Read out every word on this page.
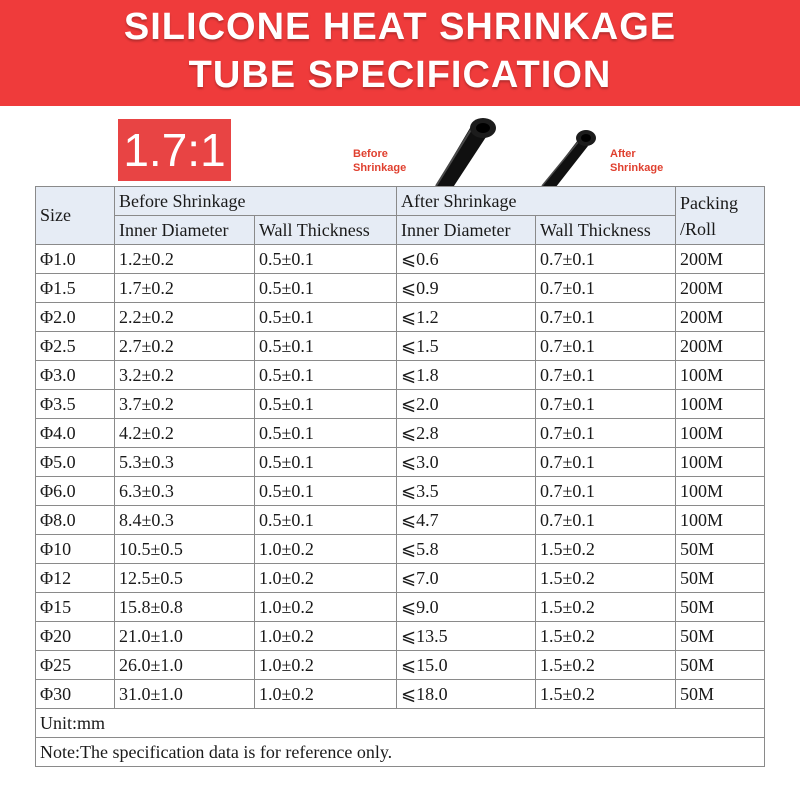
SILICONE HEAT SHRINKAGE
TUBE SPECIFICATION
1.7:1	Before
Shrinkage
After
Shrinkage
Size	Before Shrinkage		After Shrinkage		Packing
/Roll
	Inner Diameter	Wall Thickness	Inner Diameter	Wall Thickness	
Φ1.0	1.2±0.2	0.5±0.1	⩽0.6	0.7±0.1	200M
Φ1.5	1.7±0.2	0.5±0.1	⩽0.9	0.7±0.1	200M
Φ2.0	2.2±0.2	0.5±0.1	⩽1.2	0.7±0.1	200M
Φ2.5	2.7±0.2	0.5±0.1	⩽1.5	0.7±0.1	200M
Φ3.0	3.2±0.2	0.5±0.1	⩽1.8	0.7±0.1	100M
Φ3.5	3.7±0.2	0.5±0.1	⩽2.0	0.7±0.1	100M
Φ4.0	4.2±0.2	0.5±0.1	⩽2.8	0.7±0.1	100M
Φ5.0	5.3±0.3	0.5±0.1	⩽3.0	0.7±0.1	100M
Φ6.0	6.3±0.3	0.5±0.1	⩽3.5	0.7±0.1	100M
Φ8.0	8.4±0.3	0.5±0.1	⩽4.7	0.7±0.1	100M
Φ10	10.5±0.5	1.0±0.2	⩽5.8	1.5±0.2	50M
Φ12	12.5±0.5	1.0±0.2	⩽7.0	1.5±0.2	50M
Φ15	15.8±0.8	1.0±0.2	⩽9.0	1.5±0.2	50M
Φ20	21.0±1.0	1.0±0.2	⩽13.5	1.5±0.2	50M
Φ25	26.0±1.0	1.0±0.2	⩽15.0	1.5±0.2	50M
Φ30	31.0±1.0	1.0±0.2	⩽18.0	1.5±0.2	50M
Unit:mm					
Note:The specification data is for reference only.					
